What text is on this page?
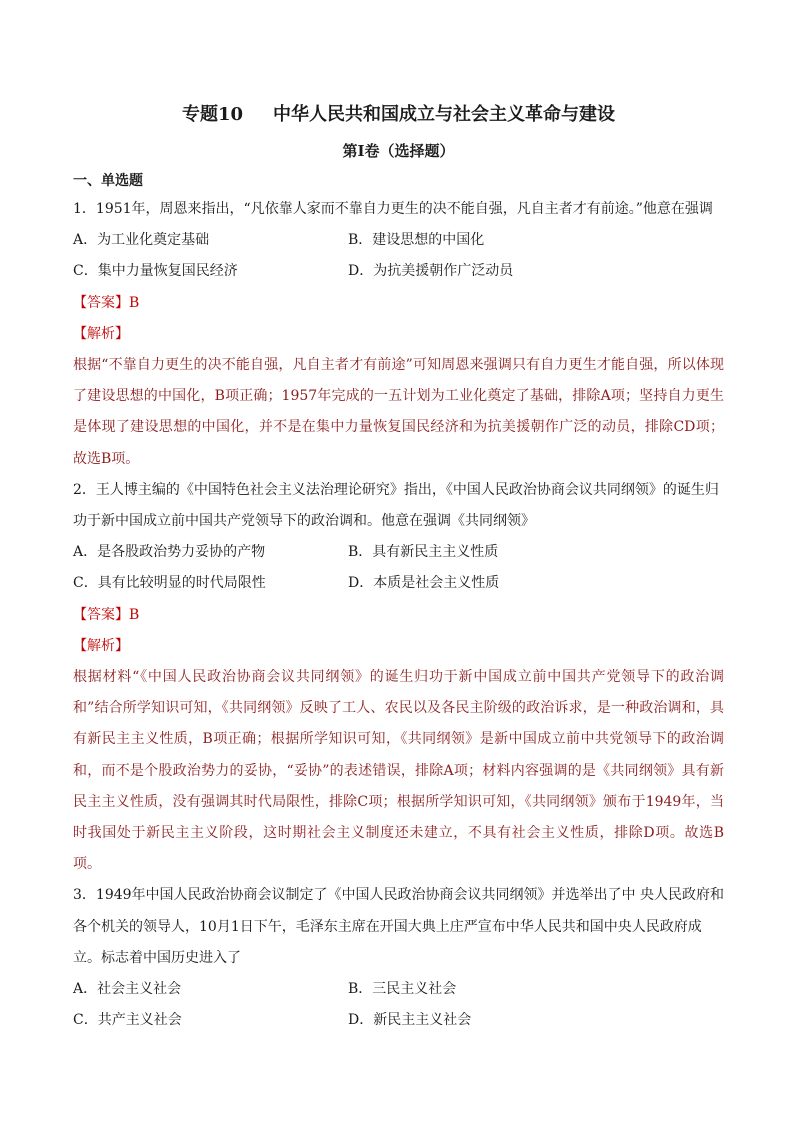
专题10 中华人民共和国成立与社会主义革命与建设
第I卷（选择题）
一、单选题
1．1951年，周恩来指出，“凡依靠人家而不靠自力更生的决不能自强，凡自主者才有前途。”他意在强调
A．为工业化奠定基础	B．建设思想的中国化
C．集中力量恢复国民经济	D．为抗美援朝作广泛动员
【答案】B
【解析】
根据“不靠自力更生的决不能自强，凡自主者才有前途”可知周恩来强调只有自力更生才能自强，所以体现了建设思想的中国化，B项正确；1957年完成的一五计划为工业化奠定了基础，排除A项；坚持自力更生是体现了建设思想的中国化，并不是在集中力量恢复国民经济和为抗美援朝作广泛的动员，排除CD项；故选B项。
2．王人博主编的《中国特色社会主义法治理论研究》指出，《中国人民政治协商会议共同纲领》的诞生归功于新中国成立前中国共产党领导下的政治调和。他意在强调《共同纲领》
A．是各股政治势力妥协的产物	B．具有新民主主义性质
C．具有比较明显的时代局限性	D．本质是社会主义性质
【答案】B
【解析】
根据材料“《中国人民政治协商会议共同纲领》的诞生归功于新中国成立前中国共产党领导下的政治调和”结合所学知识可知，《共同纲领》反映了工人、农民以及各民主阶级的政治诉求，是一种政治调和，具有新民主主义性质，B项正确；根据所学知识可知，《共同纲领》是新中国成立前中共党领导下的政治调和，而不是个股政治势力的妥协，“妥协”的表述错误，排除A项；材料内容强调的是《共同纲领》具有新民主主义性质，没有强调其时代局限性，排除C项；根据所学知识可知，《共同纲领》颁布于1949年，当时我国处于新民主主义阶段，这时期社会主义制度还未建立，不具有社会主义性质，排除D项。故选B项。
3．1949年中国人民政治协商会议制定了《中国人民政治协商会议共同纲领》并选举出了中 央人民政府和各个机关的领导人，10月1日下午，毛泽东主席在开国大典上庄严宣布中华人民共和国中央人民政府成立。标志着中国历史进入了
A．社会主义社会	B．三民主义社会
C．共产主义社会	D．新民主主义社会
